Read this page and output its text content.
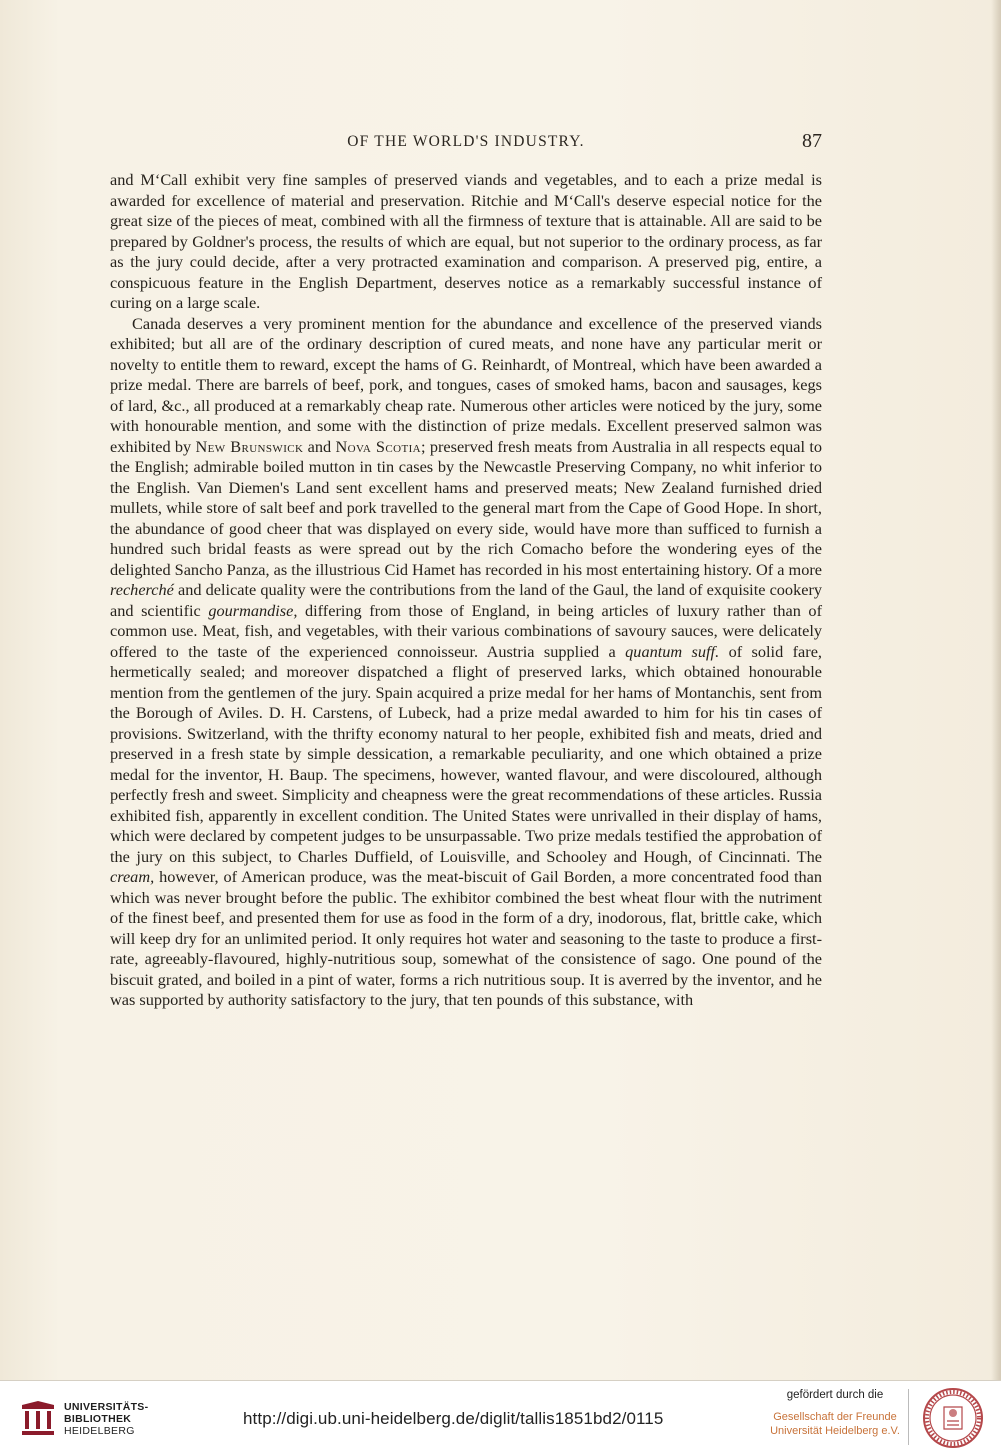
OF THE WORLD'S INDUSTRY.	87

and M‘Call exhibit very fine samples of preserved viands and vegetables, and to each a prize medal is awarded for excellence of material and preservation. Ritchie and M‘Call's deserve especial notice for the great size of the pieces of meat, combined with all the firmness of texture that is attainable. All are said to be prepared by Goldner's process, the results of which are equal, but not superior to the ordinary process, as far as the jury could decide, after a very protracted examination and comparison. A preserved pig, entire, a conspicuous feature in the English Department, deserves notice as a remarkably successful instance of curing on a large scale.

Canada deserves a very prominent mention for the abundance and excellence of the preserved viands exhibited; but all are of the ordinary description of cured meats, and none have any particular merit or novelty to entitle them to reward, except the hams of G. Reinhardt, of Montreal, which have been awarded a prize medal. There are barrels of beef, pork, and tongues, cases of smoked hams, bacon and sausages, kegs of lard, &c., all produced at a remarkably cheap rate. Numerous other articles were noticed by the jury, some with honourable mention, and some with the distinction of prize medals. Excellent preserved salmon was exhibited by New Brunswick and Nova Scotia; preserved fresh meats from Australia in all respects equal to the English; admirable boiled mutton in tin cases by the Newcastle Preserving Company, no whit inferior to the English. Van Diemen's Land sent excellent hams and preserved meats; New Zealand furnished dried mullets, while store of salt beef and pork travelled to the general mart from the Cape of Good Hope. In short, the abundance of good cheer that was displayed on every side, would have more than sufficed to furnish a hundred such bridal feasts as were spread out by the rich Comacho before the wondering eyes of the delighted Sancho Panza, as the illustrious Cid Hamet has recorded in his most entertaining history. Of a more recherché and delicate quality were the contributions from the land of the Gaul, the land of exquisite cookery and scientific gourmandise, differing from those of England, in being articles of luxury rather than of common use. Meat, fish, and vegetables, with their various combinations of savoury sauces, were delicately offered to the taste of the experienced connoisseur. Austria supplied a quantum suff. of solid fare, hermetically sealed; and moreover dispatched a flight of preserved larks, which obtained honourable mention from the gentlemen of the jury. Spain acquired a prize medal for her hams of Montanchis, sent from the Borough of Aviles. D. H. Carstens, of Lubeck, had a prize medal awarded to him for his tin cases of provisions. Switzerland, with the thrifty economy natural to her people, exhibited fish and meats, dried and preserved in a fresh state by simple dessication, a remarkable peculiarity, and one which obtained a prize medal for the inventor, H. Baup. The specimens, however, wanted flavour, and were discoloured, although perfectly fresh and sweet. Simplicity and cheapness were the great recommendations of these articles. Russia exhibited fish, apparently in excellent condition. The United States were unrivalled in their display of hams, which were declared by competent judges to be unsurpassable. Two prize medals testified the approbation of the jury on this subject, to Charles Duffield, of Louisville, and Schooley and Hough, of Cincinnati. The cream, however, of American produce, was the meat-biscuit of Gail Borden, a more concentrated food than which was never brought before the public. The exhibitor combined the best wheat flour with the nutriment of the finest beef, and presented them for use as food in the form of a dry, inodorous, flat, brittle cake, which will keep dry for an unlimited period. It only requires hot water and seasoning to the taste to produce a first-rate, agreeably-flavoured, highly-nutritious soup, somewhat of the consistence of sago. One pound of the biscuit grated, and boiled in a pint of water, forms a rich nutritious soup. It is averred by the inventor, and he was supported by authority satisfactory to the jury, that ten pounds of this substance, with

UNIVERSITÄTS-
BIBLIOTHEK
HEIDELBERG
http://digi.ub.uni-heidelberg.de/diglit/tallis1851bd2/0115
gefördert durch die
Gesellschaft der Freunde
Universität Heidelberg e.V.
